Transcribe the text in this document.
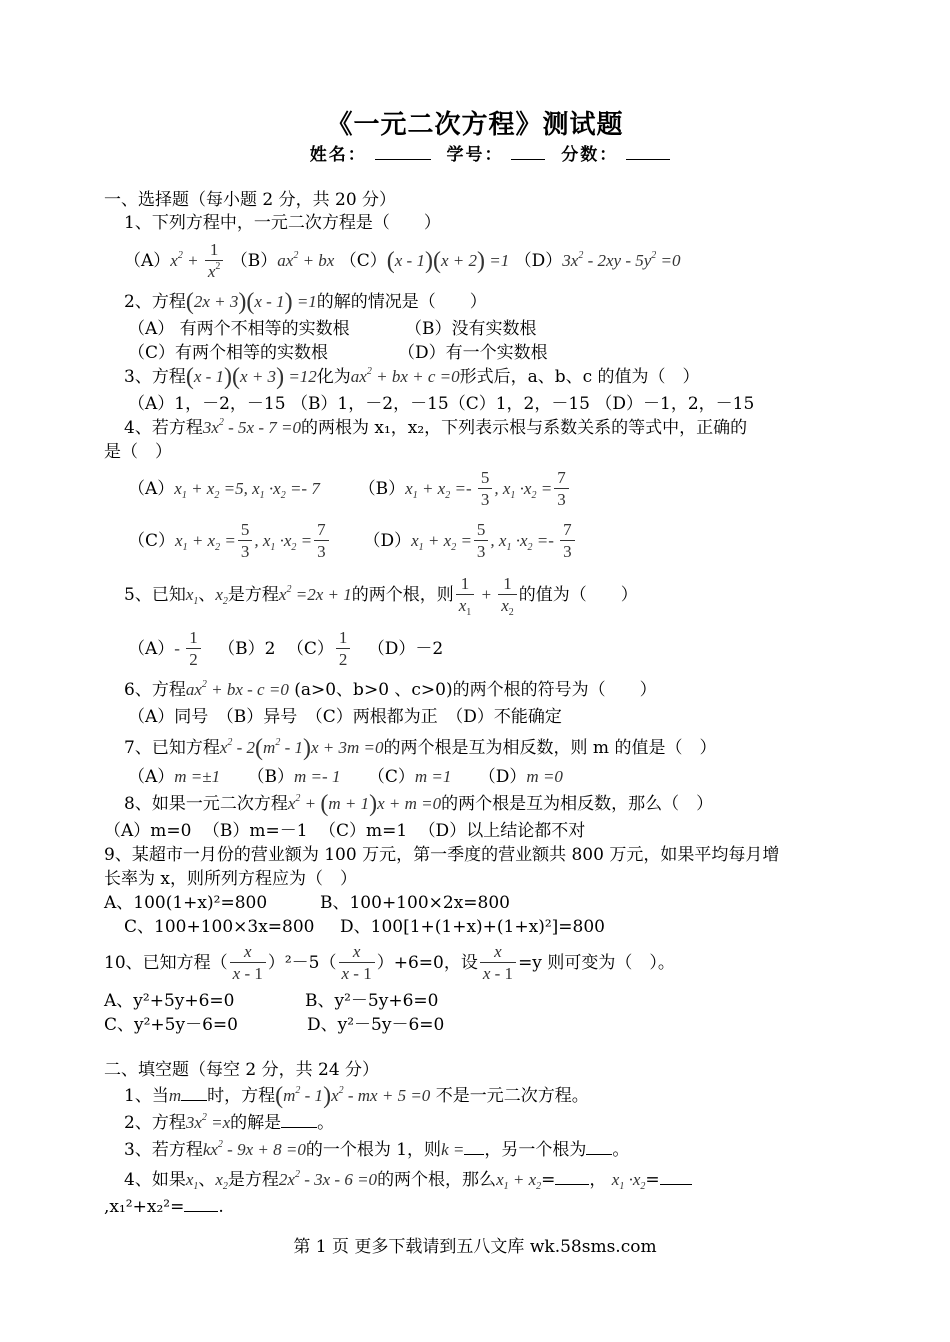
《一元二次方程》测试题
姓名：	学号：	分数：
一、选择题（每小题 2 分，共 20 分）
1、下列方程中，一元二次方程是（　　）
$(A)x^2 + \frac{1}{x^2} (B)ax^2$ + bx （C）(x - 1)(x + 2) =1 $(D)3x^2 - 2xy - 5y^2 =0$
2、方程(2x + 3)(x - 1) =1的解的情况是（　　）
（A） 有两个不相等的实数根	（B）没有实数根
（C）有两个相等的实数根	（D）有一个实数根
3、方程(x - 1)(x + 3) =12化为$ax^2$ + bx + c =0形式后，a、b、c 的值为（　）
（A）1，－2，－15 （B）1，－2，－15（C）1，2，－15 （D）－1，2，－15
4、若方程$3x^2 - 5x - 7 =0$的两根为 x₁，x₂，下列表示根与系数关系的等式中，正确的
是（　）
$(A)x_1 + x_2 =5$, $x_1 \cdot x_2 =- 7$ $(B)x_1 + x_2 =- \frac{5}{3}$ , $x_1 \cdot x_2 = \frac{7}{3}$
$(C)x_1 + x_2 = \frac{5}{3}$ , $x_1 \cdot x_2 = \frac{7}{3} (D)x_1 + x_2 = \frac{5}{3}$ , $x_1 \cdot x_2 =- \frac{7}{3}$
5、已知$x_1$、$x_2$是方程$x^2 =2x + 1$的两个根，则 $\frac{1}{x_1} + \frac{1}{x_2}$ 的值为（　　）
$(A)- \frac{1}{2} (B)2$ $(C) \frac{1}{2} (D)-2$
6、方程$ax^2$ + bx - c =0 (a>0、b>0 、c>0)的两个根的符号为（　　）
（A）同号　（B）异号　（C）两根都为正　（D）不能确定
7、已知方程$x^2 - 2(m^2 - 1)x + 3m =0$的两个根是互为相反数，则 m 的值是（　）
（A）m =±1 （B）m =- 1 （C）m =1 （D）m =0
8、如果一元二次方程$x^2 + (m + 1)x + m =0$的两个根是互为相反数，那么（　）
（A）m=0 （B）m=－1 （C）m=1 （D）以上结论都不对
9、某超市一月份的营业额为 100 万元，第一季度的营业额共 800 万元，如果平均每月增
长率为 x，则所列方程应为（　）
A、100(1+x)²=800	B、100+100×2x=800
C、100+100×3x=800 D、100[1+(1+x)+(1+x)²]=800
10、已知方程（ $\frac{x}{x - 1} )^2-5( \frac{x}{x - 1} )+6=0$，设 $\frac{x}{x - 1} =y$ 则可变为（　）。
A、y²+5y+6=0	B、y²－5y+6=0
C、y²+5y－6=0	D、y²－5y－6=0
二、填空题（每空 2 分，共 24 分）
1、当m 时，方程$(m^2 - 1)x^2$ - mx + 5 =0 不是一元二次方程。
2、方程$3x^2 =x$的解是 。
3、若方程$kx^2 - 9x + 8 =0$的一个根为 1，则k = ，另一个根为 。
4、如果$x_1$、$x_2$是方程$2x^2 - 3x - 6 =0$的两个根，那么$x_1 + x_2=$ ， $x_1 \cdot x_2=$
,x₁²+x₂²= .
第 1 页 更多下载请到五八文库 wk.58sms.com
